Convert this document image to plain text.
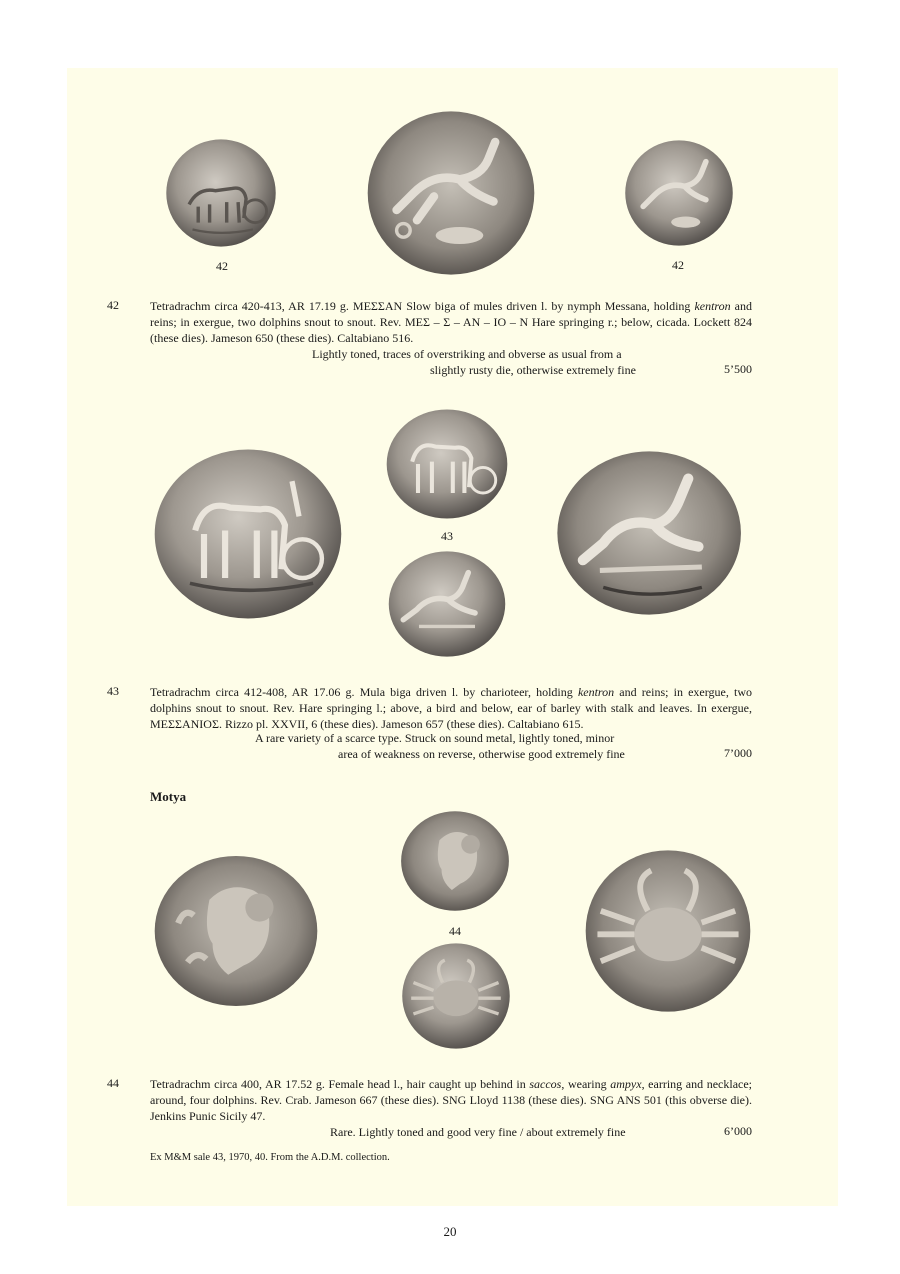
42	42
42	Tetradrachm circa 420-413, AR 17.19 g. ΜΕΣΣΑΝ Slow biga of mules driven l. by nymph Messana, holding kentron and reins; in exergue, two dolphins snout to snout. Rev. ΜΕΣ – Σ – ΑΝ – ΙΟ – Ν Hare springing r.; below, cicada. Lockett 824 (these dies). Jameson 650 (these dies). Caltabiano 516.
Lightly toned, traces of overstriking and obverse as usual from a
slightly rusty die, otherwise extremely fine	5’500
43
43	Tetradrachm circa 412-408, AR 17.06 g. Mula biga driven l. by charioteer, holding kentron and reins; in exergue, two dolphins snout to snout. Rev. Hare springing l.; above, a bird and below, ear of barley with stalk and leaves. In exergue, ΜΕΣΣΑΝΙΟΣ. Rizzo pl. XXVII, 6 (these dies). Jameson 657 (these dies). Caltabiano 615.
A rare variety of a scarce type. Struck on sound metal, lightly toned, minor
area of weakness on reverse, otherwise good extremely fine	7’000
Motya
44
44	Tetradrachm circa 400, AR 17.52 g. Female head l., hair caught up behind in saccos, wearing ampyx, earring and necklace; around, four dolphins. Rev. Crab. Jameson 667 (these dies). SNG Lloyd 1138 (these dies). SNG ANS 501 (this obverse die). Jenkins Punic Sicily 47.
Rare. Lightly toned and good very fine / about extremely fine	6’000
Ex M&M sale 43, 1970, 40. From the A.D.M. collection.
20
